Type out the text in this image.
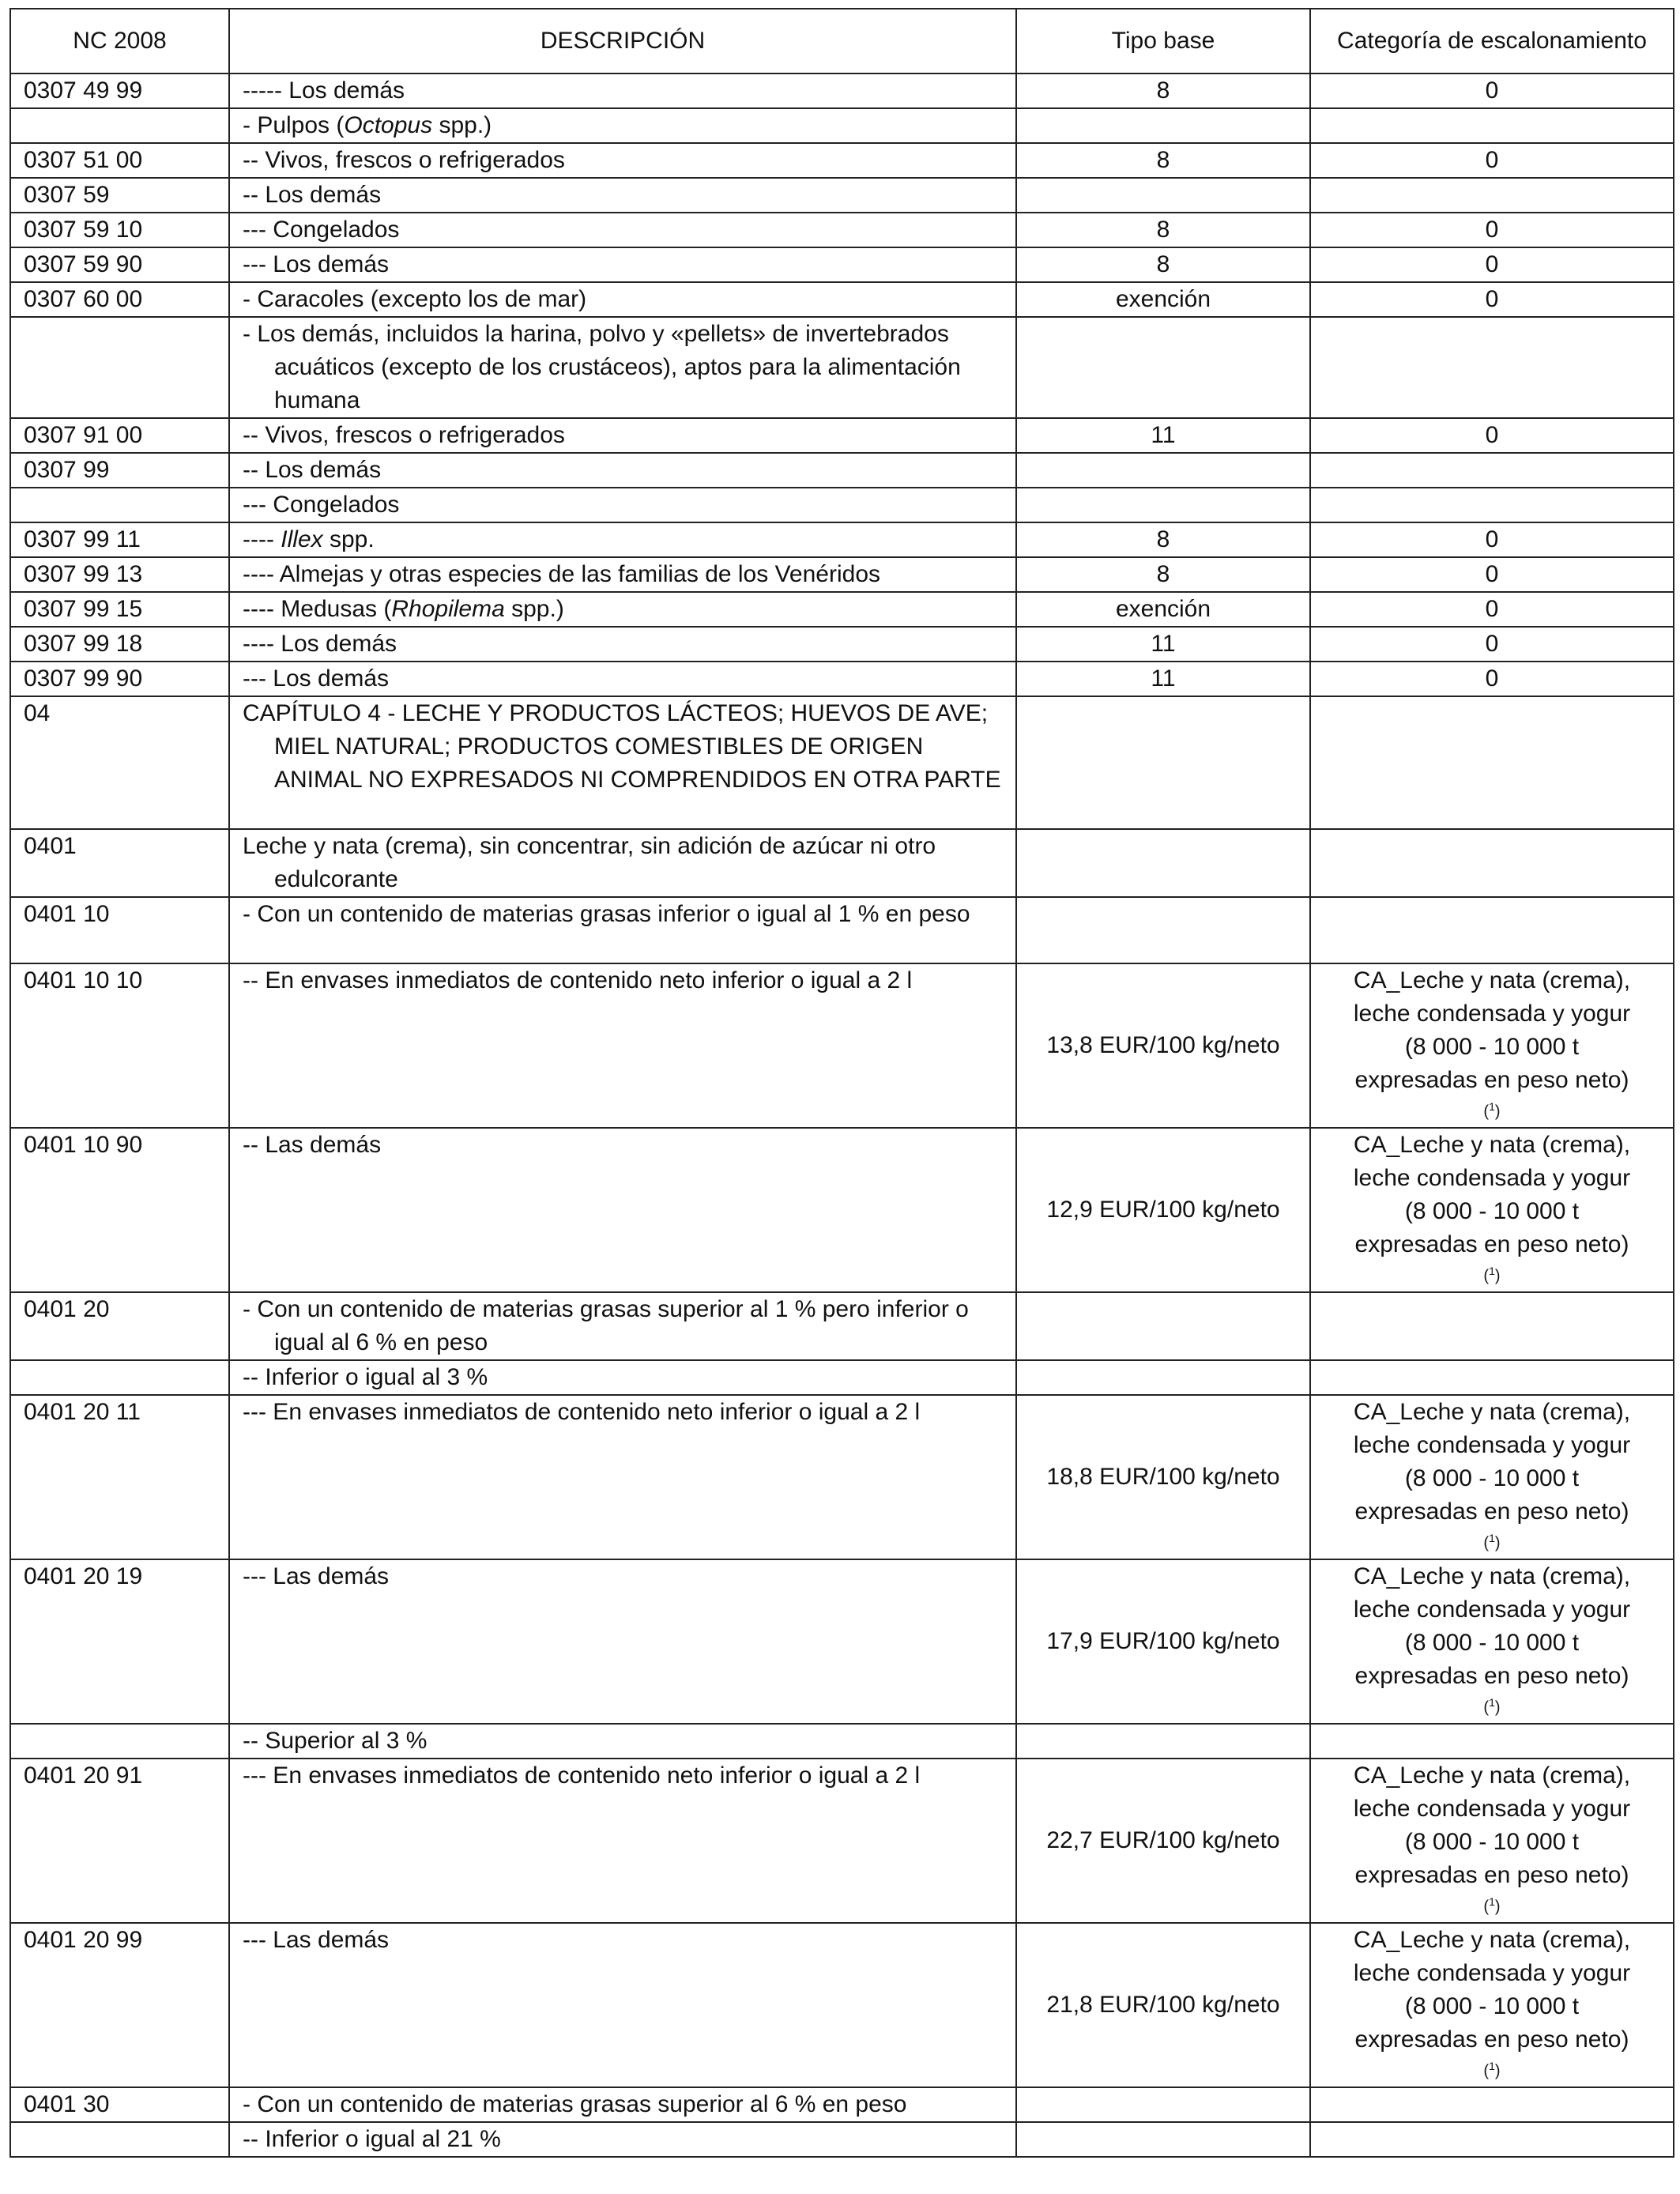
NC 2008	DESCRIPCIÓN	Tipo base	Categoría de escalonamiento
0307 49 99	----- Los demás	8	0
	- Pulpos (Octopus spp.)		
0307 51 00	-- Vivos, frescos o refrigerados	8	0
0307 59	-- Los demás		
0307 59 10	--- Congelados	8	0
0307 59 90	--- Los demás	8	0
0307 60 00	- Caracoles (excepto los de mar)	exención	0
	- Los demás, incluidos la harina, polvo y «pellets» de invertebrados acuáticos (excepto de los crustáceos), aptos para la alimentación humana		
0307 91 00	-- Vivos, frescos o refrigerados	11	0
0307 99	-- Los demás		
	--- Congelados		
0307 99 11	---- Illex spp.	8	0
0307 99 13	---- Almejas y otras especies de las familias de los Venéridos	8	0
0307 99 15	---- Medusas (Rhopilema spp.)	exención	0
0307 99 18	---- Los demás	11	0
0307 99 90	--- Los demás	11	0
04	CAPÍTULO 4 - LECHE Y PRODUCTOS LÁCTEOS; HUEVOS DE AVE; MIEL NATURAL; PRODUCTOS COMESTIBLES DE ORIGEN ANIMAL NO EXPRESADOS NI COMPRENDIDOS EN OTRA PARTE		
0401	Leche y nata (crema), sin concentrar, sin adición de azúcar ni otro edulcorante		
0401 10	- Con un contenido de materias grasas inferior o igual al 1 % en peso		
0401 10 10	-- En envases inmediatos de contenido neto inferior o igual a 2 l	13,8 EUR/100 kg/neto	CA_Leche y nata (crema),
leche condensada y yogur
(8 000 - 10 000 t
expresadas en peso neto)
($^1$)

0401 10 90	-- Las demás	12,9 EUR/100 kg/neto	CA_Leche y nata (crema),
leche condensada y yogur
(8 000 - 10 000 t
expresadas en peso neto)
($^1$)

0401 20	- Con un contenido de materias grasas superior al 1 % pero inferior o igual al 6 % en peso		
	-- Inferior o igual al 3 %		
0401 20 11	--- En envases inmediatos de contenido neto inferior o igual a 2 l	18,8 EUR/100 kg/neto	CA_Leche y nata (crema),
leche condensada y yogur
(8 000 - 10 000 t
expresadas en peso neto)
($^1$)

0401 20 19	--- Las demás	17,9 EUR/100 kg/neto	CA_Leche y nata (crema),
leche condensada y yogur
(8 000 - 10 000 t
expresadas en peso neto)
($^1$)

	-- Superior al 3 %		
0401 20 91	--- En envases inmediatos de contenido neto inferior o igual a 2 l	22,7 EUR/100 kg/neto	CA_Leche y nata (crema),
leche condensada y yogur
(8 000 - 10 000 t
expresadas en peso neto)
($^1$)

0401 20 99	--- Las demás	21,8 EUR/100 kg/neto	CA_Leche y nata (crema),
leche condensada y yogur
(8 000 - 10 000 t
expresadas en peso neto)
($^1$)

0401 30	- Con un contenido de materias grasas superior al 6 % en peso		
	-- Inferior o igual al 21 %		
